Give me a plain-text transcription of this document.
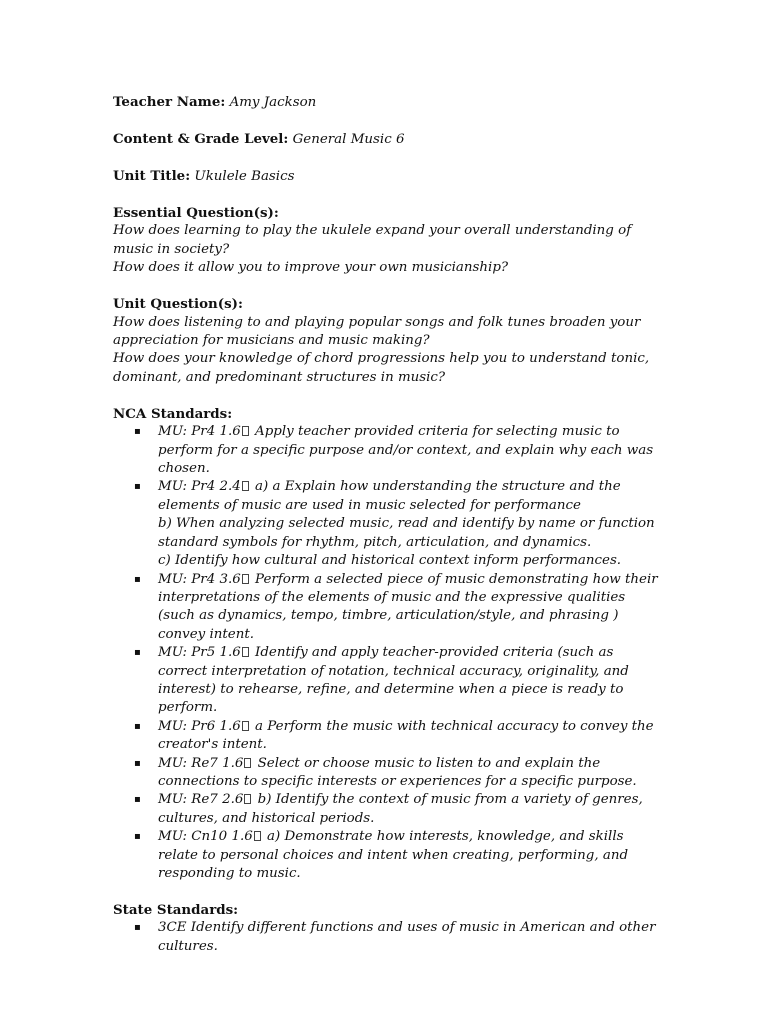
Teacher Name: Amy Jackson
Content & Grade Level: General Music 6
Unit Title: Ukulele Basics
Essential Question(s):
How does learning to play the ukulele expand your overall understanding of music in society?
How does it allow you to improve your own musicianship?
Unit Question(s):
How does listening to and playing popular songs and folk tunes broaden your appreciation for musicians and music making?
How does your knowledge of chord progressions help you to understand tonic, dominant, and predominant structures in music?
NCA Standards:
▪ MU: Pr4 1.6 Apply teacher provided criteria for selecting music to perform for a specific purpose and/or context, and explain why each was chosen.
▪ MU: Pr4 2.4 a) a Explain how understanding the structure and the elements of music are used in music selected for performance
b) When analyzing selected music, read and identify by name or function standard symbols for rhythm, pitch, articulation, and dynamics.
c) Identify how cultural and historical context inform performances.
▪ MU: Pr4 3.6 Perform a selected piece of music demonstrating how their interpretations of the elements of music and the expressive qualities (such as dynamics, tempo, timbre, articulation/style, and phrasing ) convey intent.
▪ MU: Pr5 1.6 Identify and apply teacher-provided criteria (such as correct interpretation of notation, technical accuracy, originality, and interest) to rehearse, refine, and determine when a piece is ready to perform.
▪ MU: Pr6 1.6 a Perform the music with technical accuracy to convey the creator's intent.
▪ MU: Re7 1.6 Select or choose music to listen to and explain the connections to specific interests or experiences for a specific purpose.
▪ MU: Re7 2.6 b) Identify the context of music from a variety of genres, cultures, and historical periods.
▪ MU: Cn10 1.6 a) Demonstrate how interests, knowledge, and skills relate to personal choices and intent when creating, performing, and responding to music.
State Standards:
▪ 3CE Identify different functions and uses of music in American and other cultures.
